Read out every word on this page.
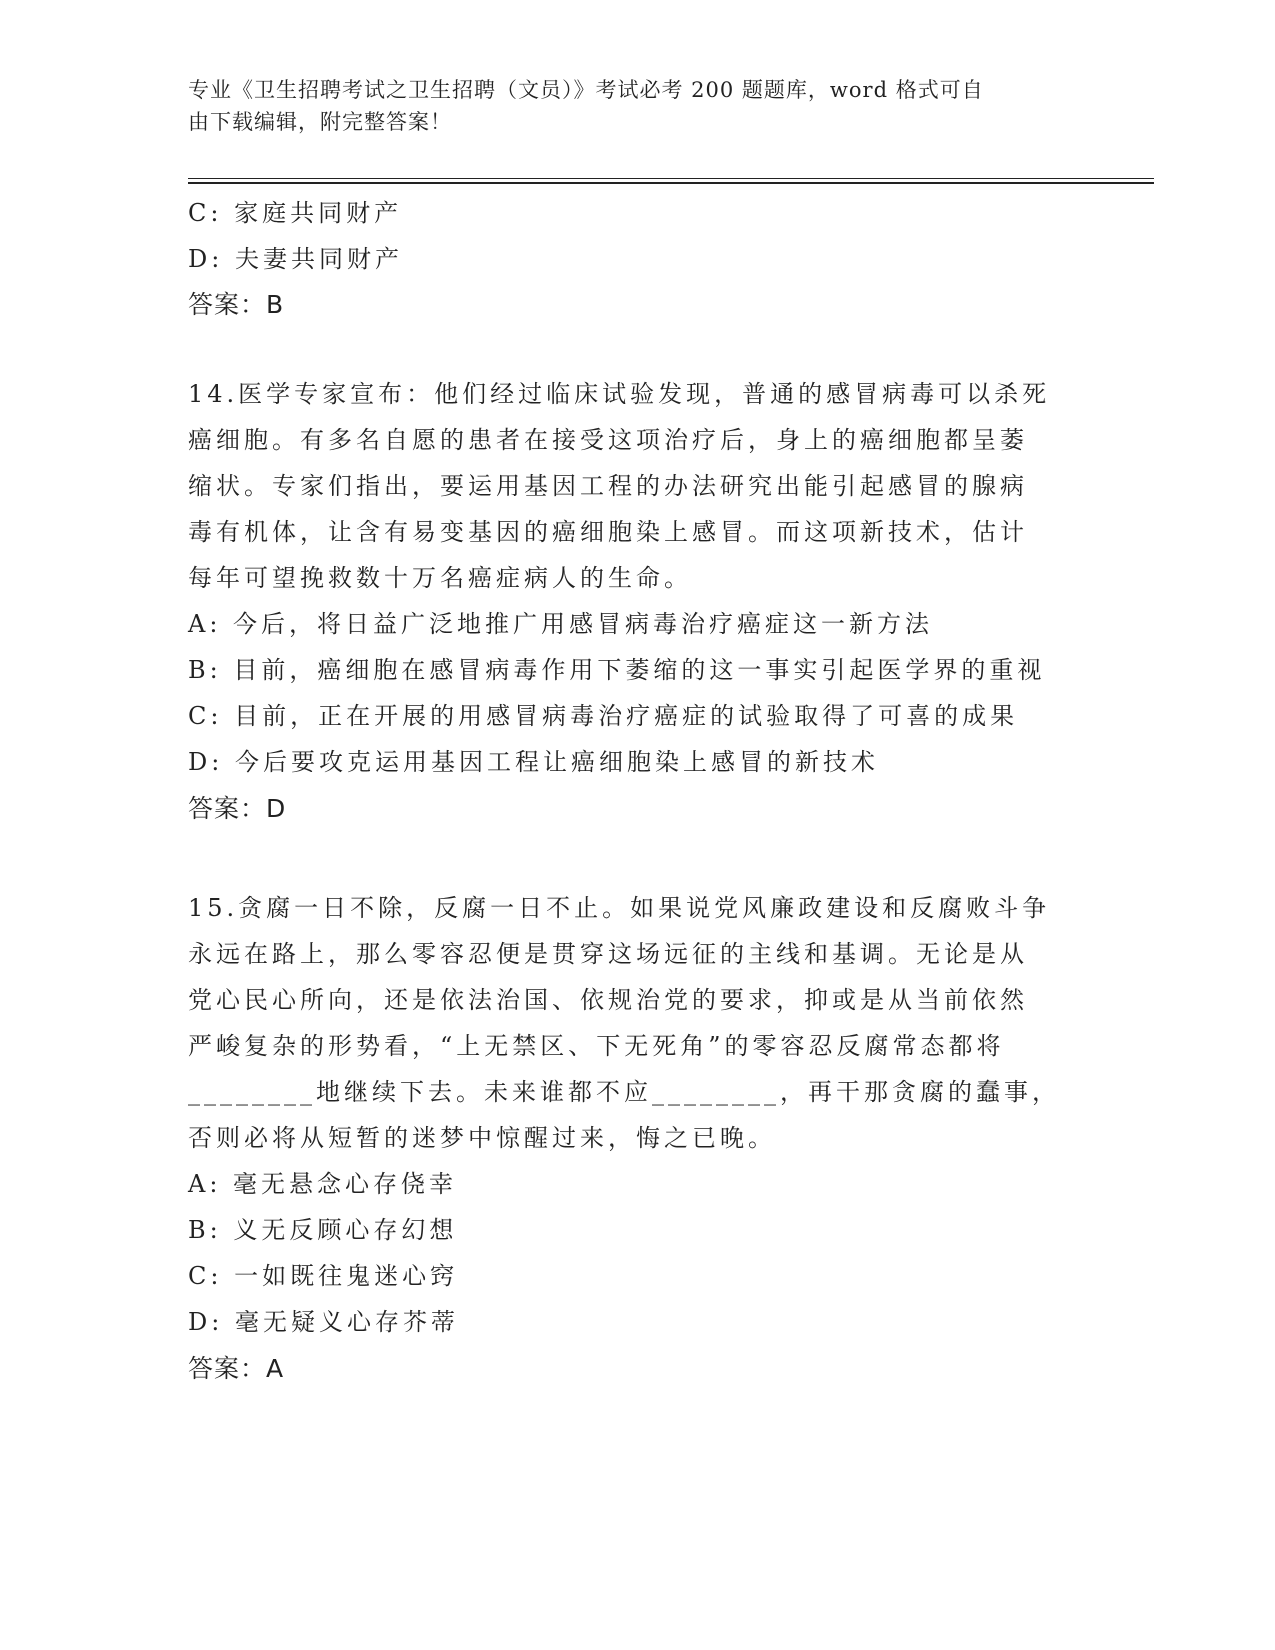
专业《卫生招聘考试之卫生招聘（文员）》考试必考 200 题题库，word 格式可自
由下载编辑，附完整答案！
C: 家庭共同财产
D: 夫妻共同财产
答案：B
14.医学专家宣布：他们经过临床试验发现，普通的感冒病毒可以杀死
癌细胞。有多名自愿的患者在接受这项治疗后，身上的癌细胞都呈萎
缩状。专家们指出，要运用基因工程的办法研究出能引起感冒的腺病
毒有机体，让含有易变基因的癌细胞染上感冒。而这项新技术，估计
每年可望挽救数十万名癌症病人的生命。
A: 今后，将日益广泛地推广用感冒病毒治疗癌症这一新方法
B: 目前，癌细胞在感冒病毒作用下萎缩的这一事实引起医学界的重视
C: 目前，正在开展的用感冒病毒治疗癌症的试验取得了可喜的成果
D: 今后要攻克运用基因工程让癌细胞染上感冒的新技术
答案：D
15.贪腐一日不除，反腐一日不止。如果说党风廉政建设和反腐败斗争
永远在路上，那么零容忍便是贯穿这场远征的主线和基调。无论是从
党心民心所向，还是依法治国、依规治党的要求，抑或是从当前依然
严峻复杂的形势看，“上无禁区、下无死角”的零容忍反腐常态都将
________地继续下去。未来谁都不应________，再干那贪腐的蠢事，
否则必将从短暂的迷梦中惊醒过来，悔之已晚。
A: 毫无悬念心存侥幸
B: 义无反顾心存幻想
C: 一如既往鬼迷心窍
D: 毫无疑义心存芥蒂
答案：A
